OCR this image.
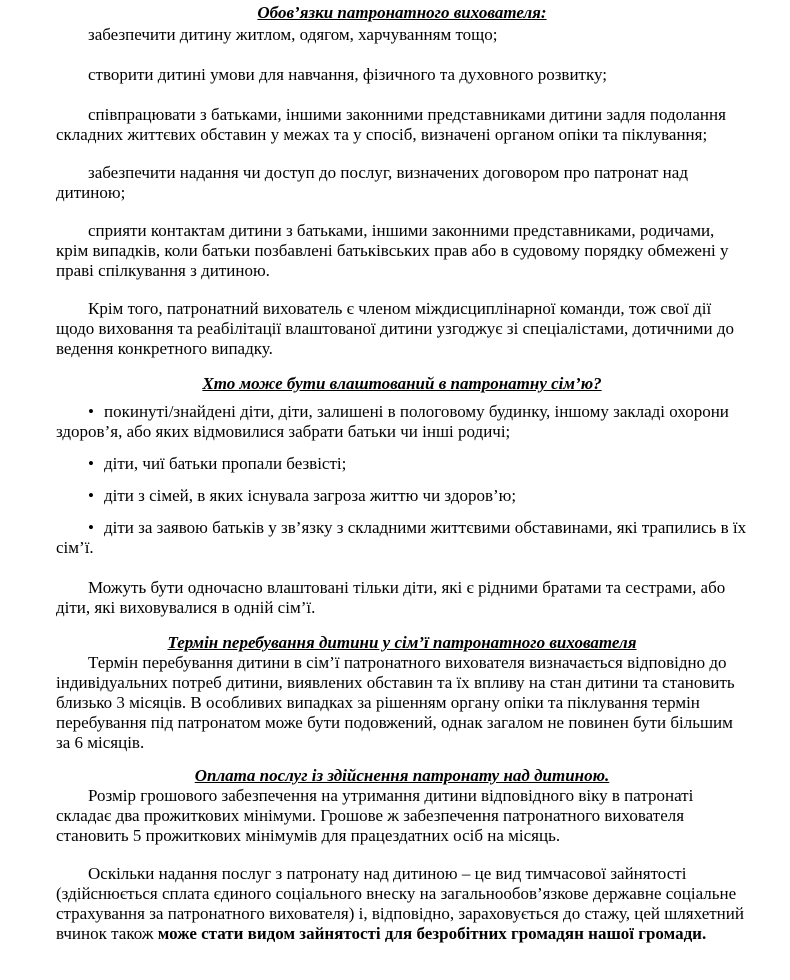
Обов’язки патронатного вихователя:

забезпечити дитину житлом, одягом, харчуванням тощо;

створити дитині умови для навчання, фізичного та духовного розвитку;

співпрацювати з батьками, іншими законними представниками дитини задля подолання складних життєвих обставин у межах та у спосіб, визначені органом опіки та піклування;

забезпечити надання чи доступ до послуг, визначених договором про патронат над дитиною;

сприяти контактам дитини з батьками, іншими законними представниками, родичами, крім випадків, коли батьки позбавлені батьківських прав або в судовому порядку обмежені у праві спілкування з дитиною.

Крім того, патронатний вихователь є членом міждисциплінарної команди, тож свої дії щодо виховання та реабілітації влаштованої дитини узгоджує зі спеціалістами, дотичними до ведення конкретного випадку.

Хто може бути влаштований в патронатну сім’ю?

• покинуті/знайдені діти, діти, залишені в пологовому будинку, іншому закладі охорони здоров’я, або яких відмовилися забрати батьки чи інші родичі;

• діти, чиї батьки пропали безвісті;

• діти з сімей, в яких існувала загроза життю чи здоров’ю;

• діти за заявою батьків у зв’язку з складними життєвими обставинами, які трапились в їх сім’ї.

Можуть бути одночасно влаштовані тільки діти, які є рідними братами та сестрами, або діти, які виховувалися в одній сім’ї.

Термін перебування дитини у сім’ї патронатного вихователя

Термін перебування дитини в сім’ї патронатного вихователя визначається відповідно до індивідуальних потреб дитини, виявлених обставин та їх впливу на стан дитини та становить близько 3 місяців. В особливих випадках за рішенням органу опіки та піклування термін перебування під патронатом може бути подовжений, однак загалом не повинен бути більшим за 6 місяців.

Оплата послуг із здійснення патронату над дитиною.

Розмір грошового забезпечення на утримання дитини відповідного віку в патронаті складає два прожиткових мінімуми. Грошове ж забезпечення патронатного вихователя становить 5 прожиткових мінімумів для працездатних осіб на місяць.

Оскільки надання послуг з патронату над дитиною – це вид тимчасової зайнятості (здійснюється сплата єдиного соціального внеску на загальнообов’язкове державне соціальне страхування за патронатного вихователя) і, відповідно, зараховується до стажу, цей шляхетний вчинок також може стати видом зайнятості для безробітних громадян нашої громади.
